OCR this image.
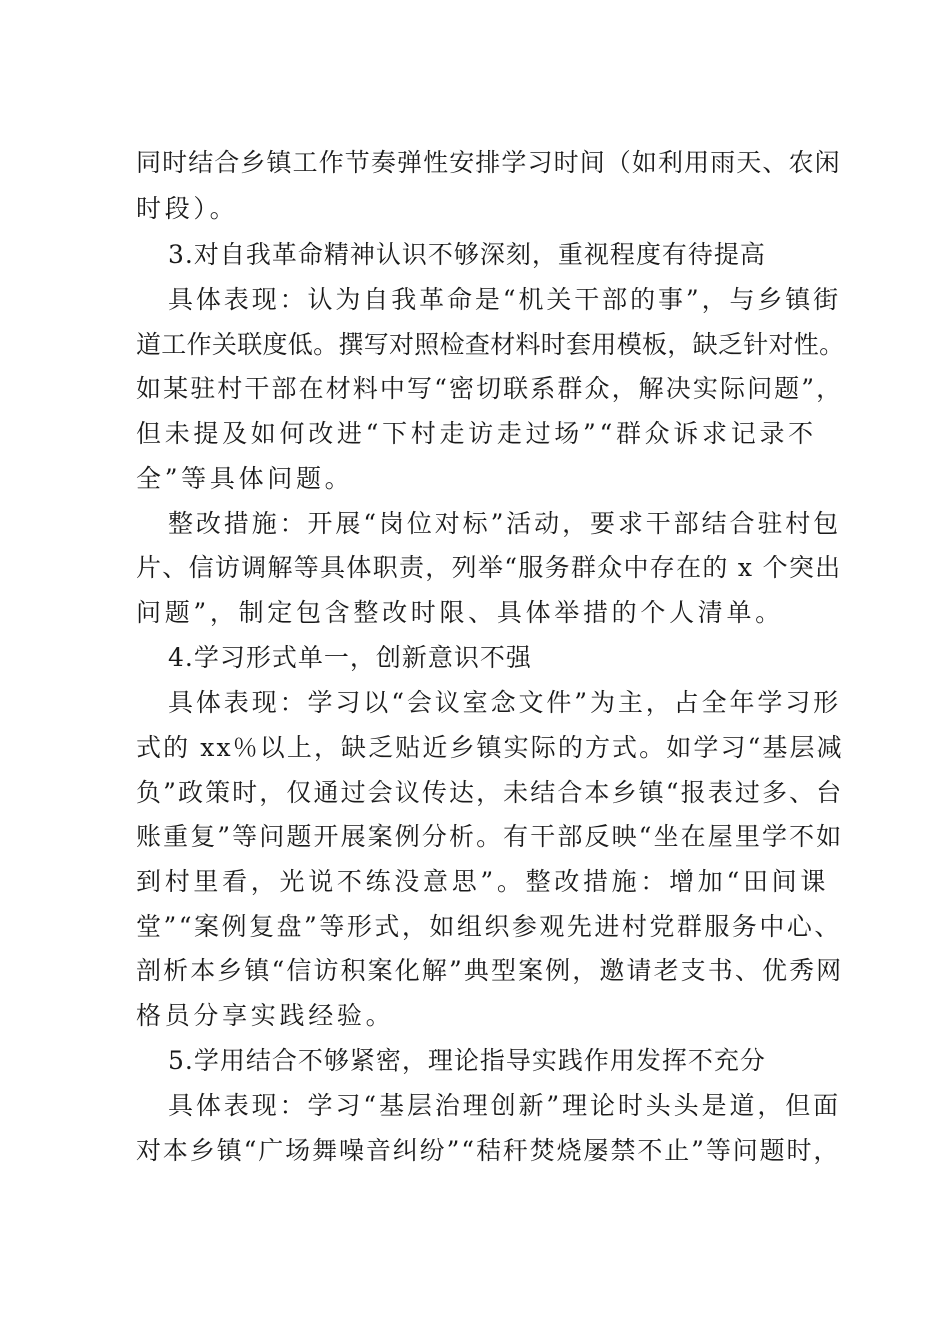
同时结合乡镇工作节奏弹性安排学习时间（如利用雨天、农闲

时段）。

3.对自我革命精神认识不够深刻，重视程度有待提高

具体表现：认为自我革命是“机关干部的事”，与乡镇街

道工作关联度低。撰写对照检查材料时套用模板，缺乏针对性。

如某驻村干部在材料中写“密切联系群众，解决实际问题”，

但未提及如何改进“下村走访走过场”“群众诉求记录不

全”等具体问题。

整改措施：开展“岗位对标”活动，要求干部结合驻村包

片、信访调解等具体职责，列举“服务群众中存在的 x 个突出

问题”，制定包含整改时限、具体举措的个人清单。

4.学习形式单一，创新意识不强

具体表现：学习以“会议室念文件”为主，占全年学习形

式的 xx％以上，缺乏贴近乡镇实际的方式。如学习“基层减

负”政策时，仅通过会议传达，未结合本乡镇“报表过多、台

账重复”等问题开展案例分析。有干部反映“坐在屋里学不如

到村里看，光说不练没意思”。整改措施：增加“田间课

堂”“案例复盘”等形式，如组织参观先进村党群服务中心、

剖析本乡镇“信访积案化解”典型案例，邀请老支书、优秀网

格员分享实践经验。

5.学用结合不够紧密，理论指导实践作用发挥不充分

具体表现：学习“基层治理创新”理论时头头是道，但面

对本乡镇“广场舞噪音纠纷”“秸秆焚烧屡禁不止”等问题时，
